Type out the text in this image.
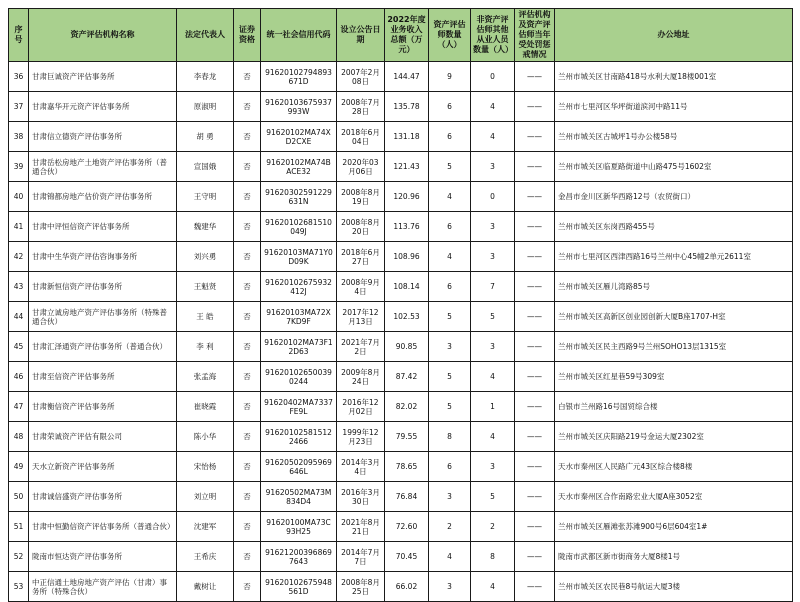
序号	资产评估机构名称	法定代表人	证券资格	统一社会信用代码	设立公告日期	2022年度业务收入总额（万元）	资产评估师数量（人）	非资产评估师其他从业人员数量（人）	评估机构及资产评估师当年受处罚惩戒情况	办公地址
36	甘肃巨诚资产评估事务所	李春龙	否	91620102794893671D	2007年2月08日	144.47	9	0	——	兰州市城关区甘南路418号水利大厦18楼001室
37	甘肃嘉华开元资产评估事务所	原淑明	否	91620103675937993W	2008年7月28日	135.78	6	4	——	兰州市七里河区华坪街道滨河中路11号
38	甘肃信立德资产评估事务所	胡 勇	否	91620102MA74XD2CXE	2018年6月04日	131.18	6	4	——	兰州市城关区古城坪1号办公楼58号
39	甘肃岳松房地产土地资产评估事务所（普通合伙）	宣国娥	否	91620102MA74BACE32	2020年03月06日	121.43	5	3	——	兰州市城关区临夏路街道中山路475号1602室
40	甘肃锦都房地产估价资产评估事务所	王守明	否	91620302591229631N	2008年8月19日	120.96	4	0	——	金昌市金川区新华西路12号（农贸街口）
41	甘肃中评恒信资产评估事务所	魏建华	否	91620102681510049J	2008年8月20日	113.76	6	3	——	兰州市城关区东岗西路455号
42	甘肃中生华资产评估咨询事务所	刘兴勇	否	91620103MA71Y0D09K	2018年6月27日	108.96	4	3	——	兰州市七里河区西津西路16号兰州中心45幢2单元2611室
43	甘肃新恒信资产评估事务所	王魁贤	否	91620102675932412J	2008年9月4日	108.14	6	7	——	兰州市城关区雁儿湾路85号
44	甘肃立诚房地产资产评估事务所（特殊普通合伙）	王 皓	否	91620103MA72X7KD9F	2017年12月13日	102.53	5	5	——	兰州市城关区高新区创业园创新大厦B座1707-H室
45	甘肃汇泽通资产评估事务所（普通合伙）	李 利	否	91620102MA73F12D63	2021年7月2日	90.85	3	3	——	兰州市城关区民主西路9号兰州SOHO13层1315室
46	甘肃至信资产评估事务所	张孟海	否	916201026500390244	2009年8月24日	87.42	5	4	——	兰州市城关区红星巷59号309室
47	甘肃衡信资产评估事务所	崔晓霞	否	91620402MA7337FE9L	2016年12月02日	82.02	5	1	——	白银市兰州路16号国贸综合楼
48	甘肃荣诚资产评估有限公司	陈小华	否	916201025815122466	1999年12月23日	79.55	8	4	——	兰州市城关区庆阳路219号金运大厦2302室
49	天水立新资产评估事务所	宋怡杨	否	91620502095969646L	2014年3月4日	78.65	6	3	——	天水市秦州区人民路广元43区综合楼8楼
50	甘肃诚信盛资产评估事务所	刘立明	否	91620502MA73M834D4	2016年3月30日	76.84	3	5	——	天水市秦州区合作南路宏业大厦A座3052室
51	甘肃中恒勤信资产评估事务所（普通合伙）	沈建军	否	91620100MA73C93H25	2021年8月21日	72.60	2	2	——	兰州市城关区雁滩张苏滩900号6层604室1#
52	陇南市恒达资产评估事务所	王希庆	否	916212003968697643	2014年7月7日	70.45	4	8	——	陇南市武都区新市街商务大厦8楼1号
53	中正信通土地房地产资产评估（甘肃）事务所（特殊合伙）	戴树让	否	91620102675948561D	2008年8月25日	66.02	3	4	——	兰州市城关区农民巷8号航运大厦3楼
